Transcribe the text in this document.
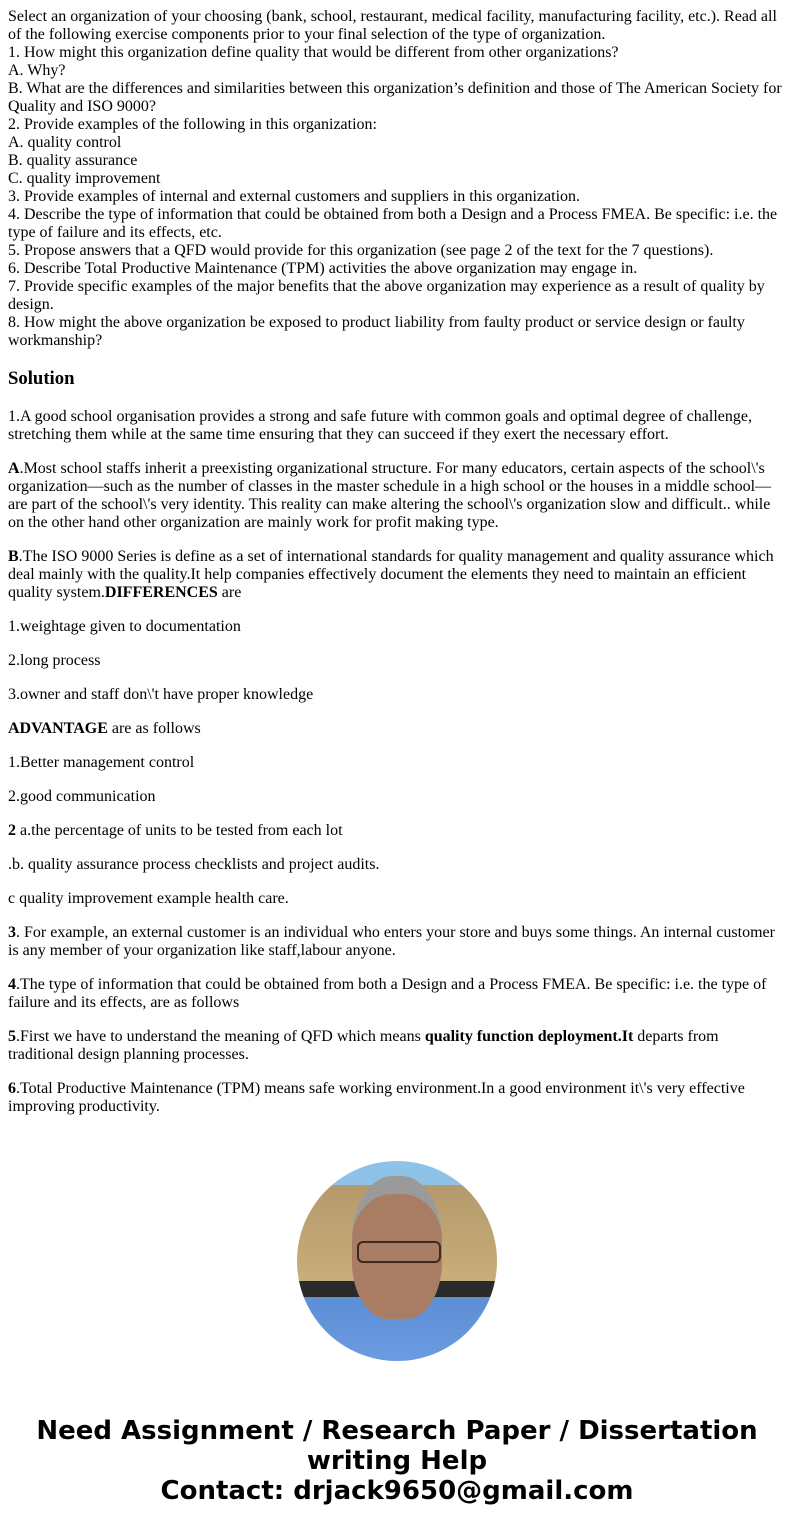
Select an organization of your choosing (bank, school, restaurant, medical facility, manufacturing facility, etc.). Read all of the following exercise components prior to your final selection of the type of organization.
1. How might this organization define quality that would be different from other organizations?
A. Why?
B. What are the differences and similarities between this organization’s definition and those of The American Society for Quality and ISO 9000?
2. Provide examples of the following in this organization:
A. quality control
B. quality assurance
C. quality improvement
3. Provide examples of internal and external customers and suppliers in this organization.
4. Describe the type of information that could be obtained from both a Design and a Process FMEA. Be specific: i.e. the type of failure and its effects, etc.
5. Propose answers that a QFD would provide for this organization (see page 2 of the text for the 7 questions).
6. Describe Total Productive Maintenance (TPM) activities the above organization may engage in.
7. Provide specific examples of the major benefits that the above organization may experience as a result of quality by design.
8. How might the above organization be exposed to product liability from faulty product or service design or faulty workmanship?
Solution

1.A good school organisation provides a strong and safe future with common goals and optimal degree of challenge, stretching them while at the same time ensuring that they can succeed if they exert the necessary effort.

A.Most school staffs inherit a preexisting organizational structure. For many educators, certain aspects of the school\'s organization—such as the number of classes in the master schedule in a high school or the houses in a middle school—are part of the school\'s very identity. This reality can make altering the school\'s organization slow and difficult.. while on the other hand other organization are mainly work for profit making type.

B.The ISO 9000 Series is define as a set of international standards for quality management and quality assurance which deal mainly with the quality.It help companies effectively document the elements they need to maintain an efficient quality system.DIFFERENCES are

1.weightage given to documentation

2.long process

3.owner and staff don\'t have proper knowledge

ADVANTAGE are as follows

1.Better management control

2.good communication

2 a.the percentage of units to be tested from each lot

.b. quality assurance process checklists and project audits.

c quality improvement example health care.

3. For example, an external customer is an individual who enters your store and buys some things. An internal customer is any member of your organization like staff,labour anyone.

4.The type of information that could be obtained from both a Design and a Process FMEA. Be specific: i.e. the type of failure and its effects, are as follows

5.First we have to understand the meaning of QFD which means quality function deployment.It departs from traditional design planning processes.

6.Total Productive Maintenance (TPM) means safe working environment.In a good environment it\'s very effective improving productivity.

Need Assignment / Research Paper / Dissertation writing Help
Contact: drjack9650@gmail.com
